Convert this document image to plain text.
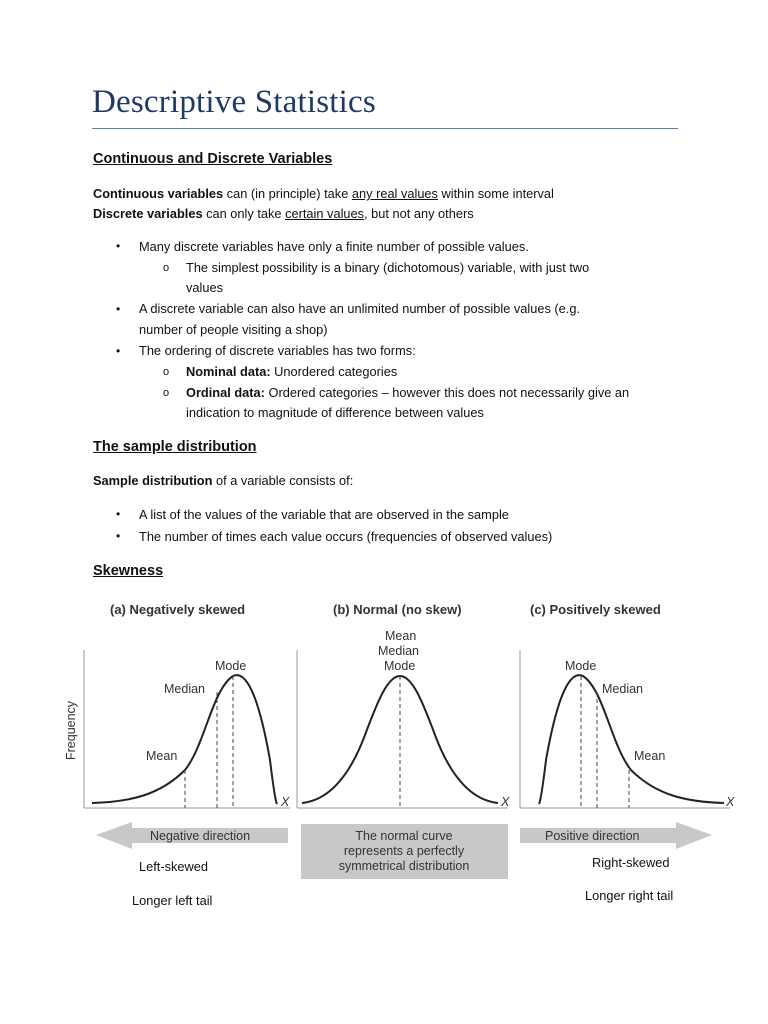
Descriptive Statistics
Continuous and Discrete Variables
Continuous variables can (in principle) take any real values within some interval
Discrete variables can only take certain values, but not any others
• Many discrete variables have only a finite number of possible values.
o The simplest possibility is a binary (dichotomous) variable, with just two
values
• A discrete variable can also have an unlimited number of possible values (e.g.
number of people visiting a shop)
• The ordering of discrete variables has two forms:
o Nominal data: Unordered categories
o Ordinal data: Ordered categories – however this does not necessarily give an
indication to magnitude of difference between values
The sample distribution
Sample distribution of a variable consists of:
• A list of the values of the variable that are observed in the sample
• The number of times each value occurs (frequencies of observed values)
Skewness
(a) Negatively skewed	(b) Normal (no skew)	(c) Positively skewed
Frequency
Mode
Median
Mean
X
Mean
Median
Mode
X
Mode
Median
Mean
X
Negative direction	The normal curve
represents a perfectly
symmetrical distribution
Positive direction
Left-skewed
Longer left tail
Right-skewed
Longer right tail
